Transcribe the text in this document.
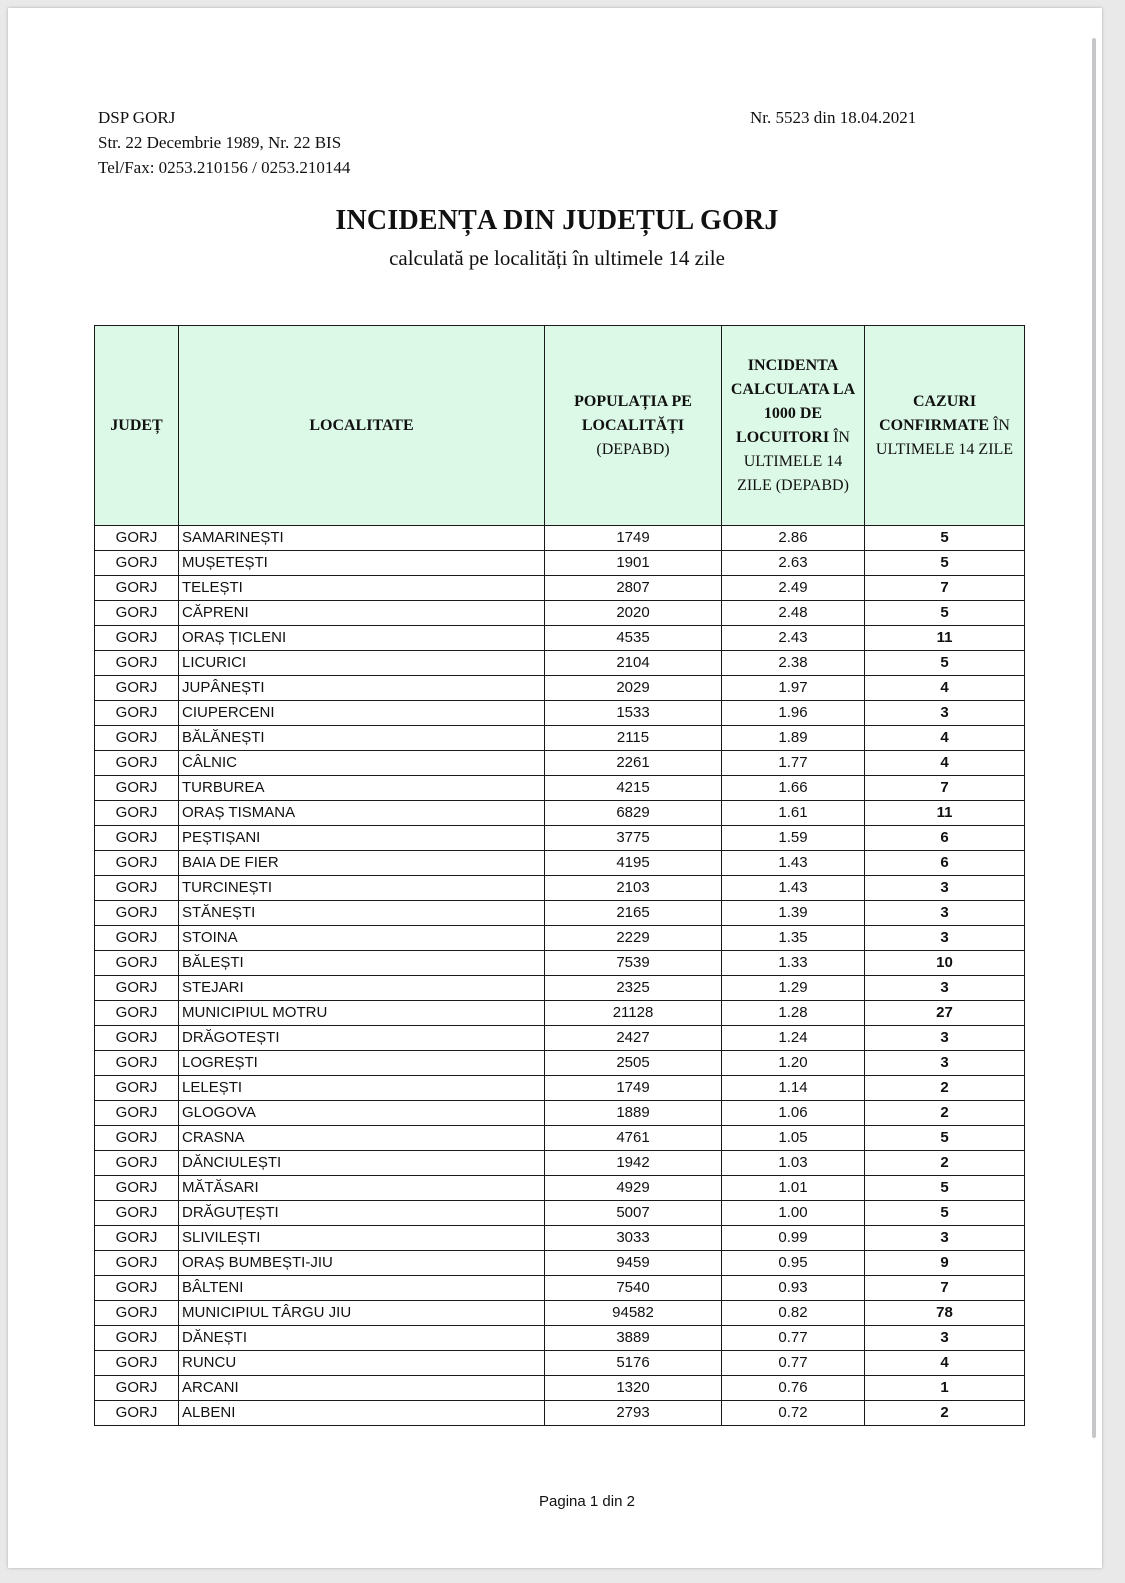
DSP GORJ
Str. 22 Decembrie 1989, Nr. 22 BIS
Tel/Fax: 0253.210156 / 0253.210144
Nr. 5523 din 18.04.2021
INCIDENȚA DIN JUDEȚUL GORJ
calculată pe localități în ultimele 14 zile
JUDEȚ	LOCALITATE	POPULAȚIA PE LOCALITĂȚI (DEPABD)	INCIDENTA CALCULATA LA 1000 DE LOCUITORI ÎN ULTIMELE 14 ZILE (DEPABD)	CAZURI CONFIRMATE ÎN ULTIMELE 14 ZILE
GORJ	SAMARINEȘTI	1749	2.86	5
GORJ	MUȘETEȘTI	1901	2.63	5
GORJ	TELEȘTI	2807	2.49	7
GORJ	CĂPRENI	2020	2.48	5
GORJ	ORAȘ ȚICLENI	4535	2.43	11
GORJ	LICURICI	2104	2.38	5
GORJ	JUPÂNEȘTI	2029	1.97	4
GORJ	CIUPERCENI	1533	1.96	3
GORJ	BĂLĂNEȘTI	2115	1.89	4
GORJ	CÂLNIC	2261	1.77	4
GORJ	TURBUREA	4215	1.66	7
GORJ	ORAȘ TISMANA	6829	1.61	11
GORJ	PEȘTIȘANI	3775	1.59	6
GORJ	BAIA DE FIER	4195	1.43	6
GORJ	TURCINEȘTI	2103	1.43	3
GORJ	STĂNEȘTI	2165	1.39	3
GORJ	STOINA	2229	1.35	3
GORJ	BĂLEȘTI	7539	1.33	10
GORJ	STEJARI	2325	1.29	3
GORJ	MUNICIPIUL MOTRU	21128	1.28	27
GORJ	DRĂGOTEȘTI	2427	1.24	3
GORJ	LOGREȘTI	2505	1.20	3
GORJ	LELEȘTI	1749	1.14	2
GORJ	GLOGOVA	1889	1.06	2
GORJ	CRASNA	4761	1.05	5
GORJ	DĂNCIULEȘTI	1942	1.03	2
GORJ	MĂTĂSARI	4929	1.01	5
GORJ	DRĂGUȚEȘTI	5007	1.00	5
GORJ	SLIVILEȘTI	3033	0.99	3
GORJ	ORAȘ BUMBEȘTI-JIU	9459	0.95	9
GORJ	BÂLTENI	7540	0.93	7
GORJ	MUNICIPIUL TÂRGU JIU	94582	0.82	78
GORJ	DĂNEȘTI	3889	0.77	3
GORJ	RUNCU	5176	0.77	4
GORJ	ARCANI	1320	0.76	1
GORJ	ALBENI	2793	0.72	2
Pagina 1 din 2
